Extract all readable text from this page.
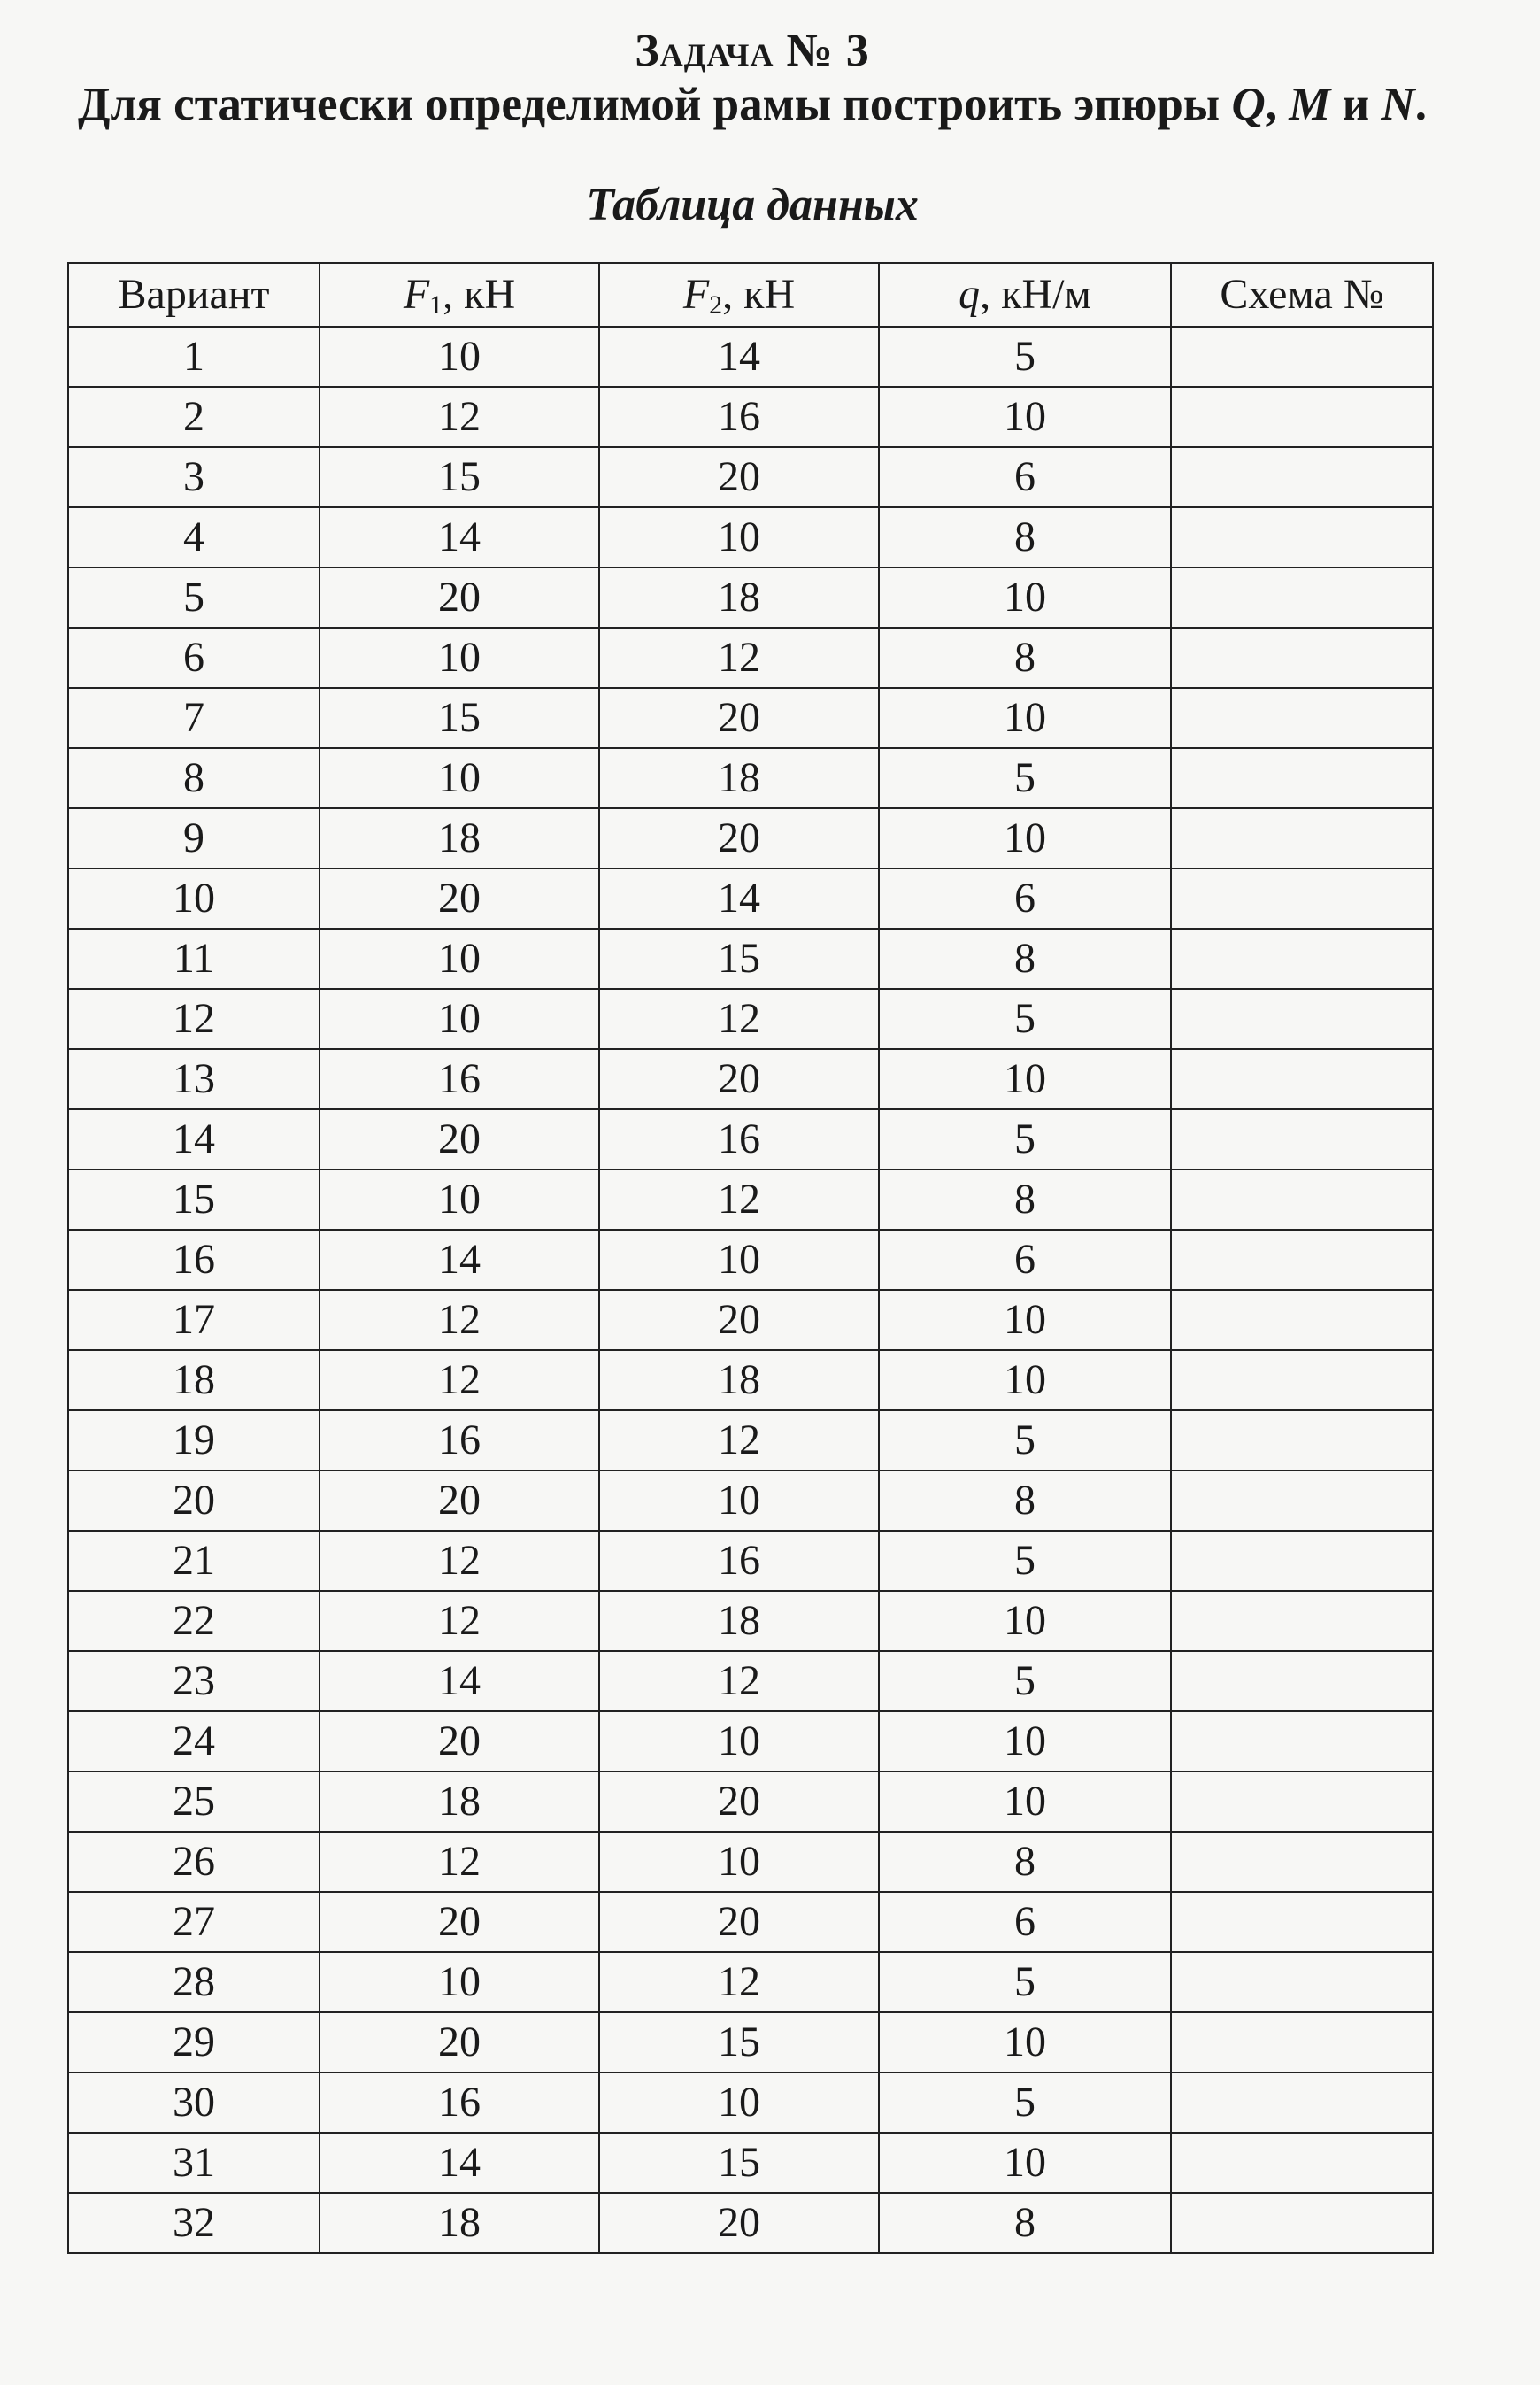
Задача № 3
Для статически определимой рамы построить эпюры Q, M и N.
Таблица данных
Вариант	$F_1$, кН	$F_2$, кН	q, кН/м	Схема №
1	10	14	5	
2	12	16	10	
3	15	20	6	
4	14	10	8	
5	20	18	10	
6	10	12	8	
7	15	20	10	
8	10	18	5	
9	18	20	10	
10	20	14	6	
11	10	15	8	
12	10	12	5	
13	16	20	10	
14	20	16	5	
15	10	12	8	
16	14	10	6	
17	12	20	10	
18	12	18	10	
19	16	12	5	
20	20	10	8	
21	12	16	5	
22	12	18	10	
23	14	12	5	
24	20	10	10	
25	18	20	10	
26	12	10	8	
27	20	20	6	
28	10	12	5	
29	20	15	10	
30	16	10	5	
31	14	15	10	
32	18	20	8	
